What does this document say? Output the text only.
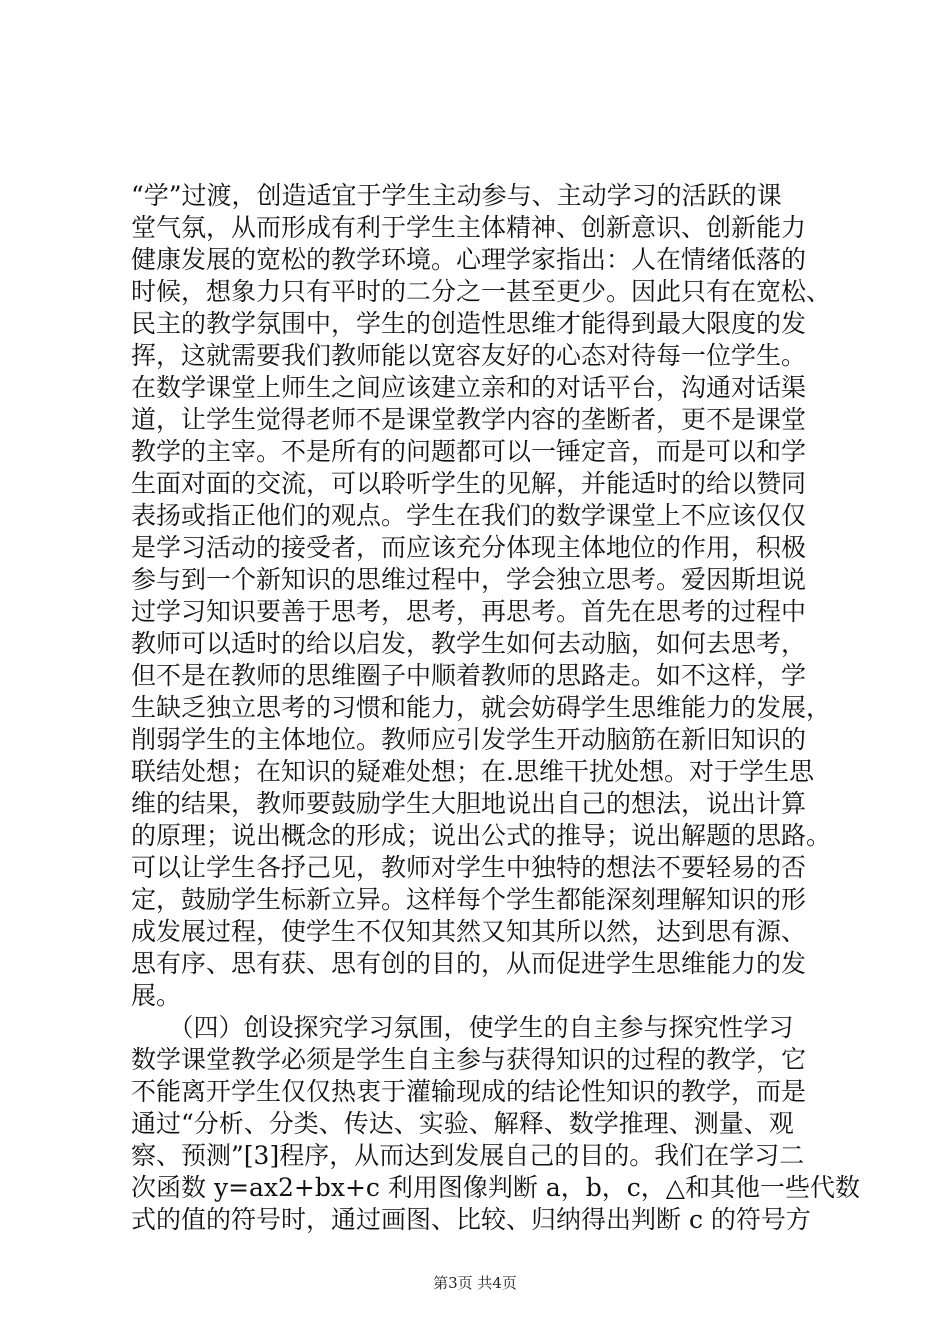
“学”过渡，创造适宜于学生主动参与、主动学习的活跃的课
堂气氛，从而形成有利于学生主体精神、创新意识、创新能力
健康发展的宽松的教学环境。心理学家指出：人在情绪低落的
时候，想象力只有平时的二分之一甚至更少。因此只有在宽松、
民主的教学氛围中，学生的创造性思维才能得到最大限度的发
挥，这就需要我们教师能以宽容友好的心态对待每一位学生。
在数学课堂上师生之间应该建立亲和的对话平台，沟通对话渠
道，让学生觉得老师不是课堂教学内容的垄断者，更不是课堂
教学的主宰。不是所有的问题都可以一锤定音，而是可以和学
生面对面的交流，可以聆听学生的见解，并能适时的给以赞同
表扬或指正他们的观点。学生在我们的数学课堂上不应该仅仅
是学习活动的接受者，而应该充分体现主体地位的作用，积极
参与到一个新知识的思维过程中，学会独立思考。爱因斯坦说
过学习知识要善于思考，思考，再思考。首先在思考的过程中
教师可以适时的给以启发，教学生如何去动脑，如何去思考，
但不是在教师的思维圈子中顺着教师的思路走。如不这样，学
生缺乏独立思考的习惯和能力，就会妨碍学生思维能力的发展，
削弱学生的主体地位。教师应引发学生开动脑筋在新旧知识的
联结处想；在知识的疑难处想；在.思维干扰处想。对于学生思
维的结果，教师要鼓励学生大胆地说出自己的想法，说出计算
的原理；说出概念的形成；说出公式的推导；说出解题的思路。
可以让学生各抒己见，教师对学生中独特的想法不要轻易的否
定，鼓励学生标新立异。这样每个学生都能深刻理解知识的形
成发展过程，使学生不仅知其然又知其所以然，达到思有源、
思有序、思有获、思有创的目的，从而促进学生思维能力的发
展。
　　（四）创设探究学习氛围，使学生的自主参与探究性学习
数学课堂教学必须是学生自主参与获得知识的过程的教学，它
不能离开学生仅仅热衷于灌输现成的结论性知识的教学，而是
通过“分析、分类、传达、实验、解释、数学推理、测量、观
察、预测”[3]程序，从而达到发展自己的目的。我们在学习二
次函数 y=ax2+bx+c 利用图像判断 a，b，c，△和其他一些代数
式的值的符号时，通过画图、比较、归纳得出判断 c 的符号方
第3页 共4页
